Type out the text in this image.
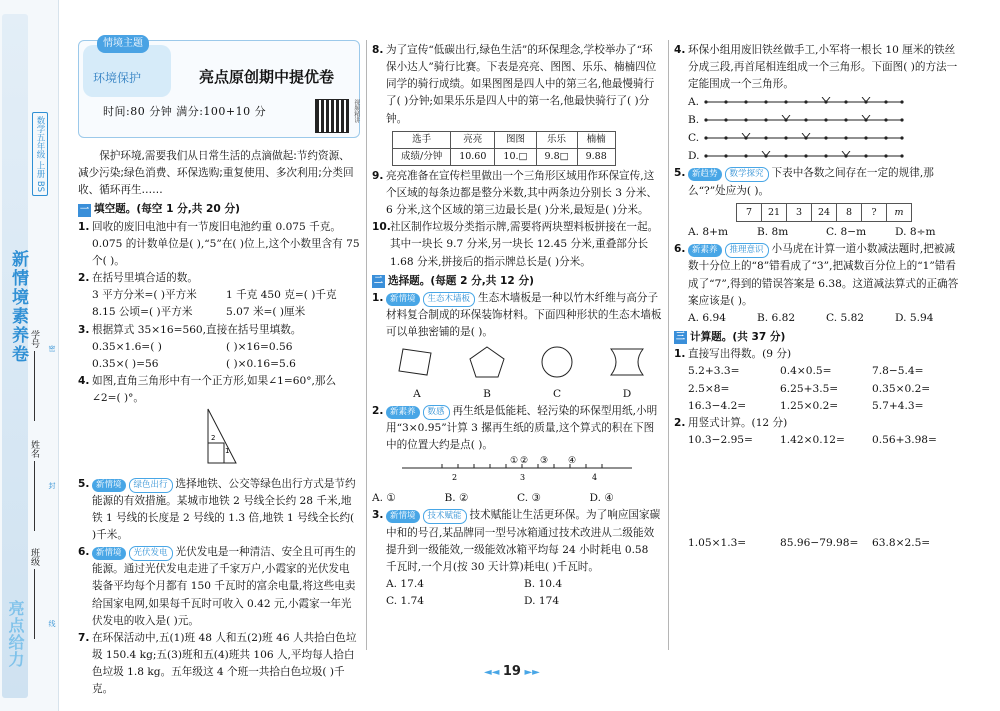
新情境素养卷
数学五年级 上册 BS
亮点给力
学号
姓名
班级
密
封
线
情境主题
环境保护	亮点原创期中提优卷
时间:80 分钟 满分:100+10 分	视频精讲

保护环境,需要我们从日常生活的点滴做起:节约资源、减少污染;绿色消费、环保选购;重复使用、多次利用;分类回收、循环再生……

一 填空题。(每空 1 分,共 20 分)
1. 回收的废旧电池中有一节废旧电池约重 0.075 千克。0.075 的计数单位是( ),“5”在( )位上,这个小数里含有 75 个( )。
2. 在括号里填合适的数。

3 平方分米=( )平方米	1 千克 450 克=( )千克
8.15 公顷=( )平方米	5.07 米=( )厘米
3. 根据算式 35×16=560,直接在括号里填数。

0.35×1.6=( )	( )×16=0.56
0.35×( )=56	( )×0.16=5.6
4. 如图,直角三角形中有一个正方形,如果∠1=60°,那么∠2=( )°。
2
1
5. 新情境 绿色出行 选择地铁、公交等绿色出行方式是节约能源的有效措施。某城市地铁 2 号线全长约 28 千米,地铁 1 号线的长度是 2 号线的 1.3 倍,地铁 1 号线全长约( )千米。
6. 新情境 光伏发电 光伏发电是一种清洁、安全且可再生的能源。通过光伏发电走进了千家万户,小霞家的光伏发电装备平均每个月都有 150 千瓦时的富余电量,将这些电卖给国家电网,如果每千瓦时可收入 0.42 元,小霞家一年光伏发电的收入是( )元。
7. 在环保活动中,五(1)班 48 人和五(2)班 46 人共拾白色垃圾 150.4 kg;五(3)班和五(4)班共 106 人,平均每人拾白色垃圾 1.8 kg。五年级这 4 个班一共拾白色垃圾( )千克。
8. 为了宣传“低碳出行,绿色生活”的环保理念,学校举办了“环保小达人”骑行比赛。下表是亮亮、图图、乐乐、楠楠四位同学的骑行成绩。如果图图是四人中的第三名,他最慢骑行了( )分钟;如果乐乐是四人中的第一名,他最快骑行了( )分钟。
选手	亮亮	图图	乐乐	楠楠
成绩/分钟	10.60	10.□	9.8□	9.88
9. 亮亮准备在宣传栏里做出一个三角形区域用作环保宣传,这个区域的每条边都是整分米数,其中两条边分别长 3 分米、6 分米,这个区域的第三边最长是( )分米,最短是( )分米。
10. 社区制作垃圾分类指示牌,需要将两块塑料板拼接在一起。其中一块长 9.7 分米,另一块长 12.45 分米,重叠部分长 1.68 分米,拼接后的指示牌总长是( )分米。
二 选择题。(每题 2 分,共 12 分)
1. 新情境 生态木墙板 生态木墙板是一种以竹木纤维与高分子材料复合制成的环保装饰材料。下面四种形状的生态木墙板可以单独密铺的是( )。
A	B	C	D
2. 新素养 数感 再生纸是低能耗、轻污染的环保型用纸,小明用“3×0.95”计算 3 摞再生纸的质量,这个算式的积在下图中的位置大约是点( )。
2	3	4
① ② ③ ④
A. ①	B. ②	C. ③	D. ④
3. 新情境 技术赋能 技术赋能让生活更环保。为了响应国家碳中和的号召,某品牌同一型号冰箱通过技术改进从二级能效提升到一级能效,一级能效冰箱平均每 24 小时耗电 0.58 千瓦时,一个月(按 30 天计算)耗电( )千瓦时。
A. 17.4	B. 10.4
C. 1.74	D. 174
4. 环保小组用废旧铁丝做手工,小军将一根长 10 厘米的铁丝分成三段,再首尾相连组成一个三角形。下面图( )的方法一定能围成一个三角形。
A.
B.
C.
D.
5. 新趋势 数学探究 下表中各数之间存在一定的规律,那么“?”处应为( )。
7	21	3	24	8	?	m
A. 8+m	B. 8m	C. 8−m	D. 8÷m
6. 新素养 推理意识 小马虎在计算一道小数减法题时,把被减数十分位上的“8”错看成了“3”,把减数百分位上的“1”错看成了“7”,得到的错误答案是 6.38。这道减法算式的正确答案应该是( )。
A. 6.94	B. 6.82	C. 5.82	D. 5.94
三 计算题。(共 37 分)
1. 直接写出得数。(9 分)
5.2+3.3=	0.4×0.5=	7.8−5.4=
2.5×8=	6.25+3.5=	0.35×0.2=
16.3−4.2=	1.25×0.2=	5.7+4.3=
2. 用竖式计算。(12 分)
10.3−2.95=	1.42×0.12=	0.56+3.98=
1.05×1.3=	85.96−79.98=	63.8×2.5=
◄◄ 19 ►►
